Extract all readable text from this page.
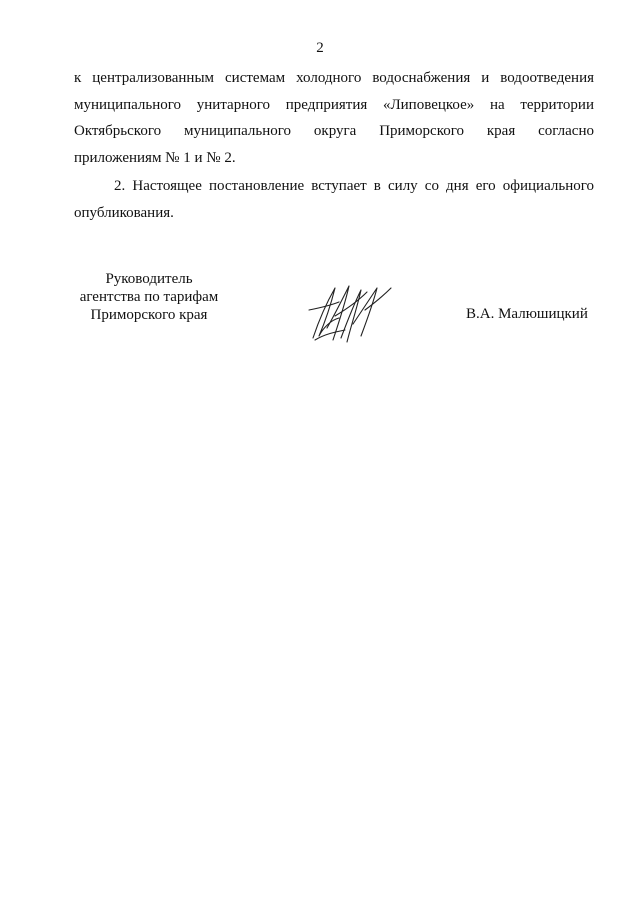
2
к централизованным системам холодного водоснабжения и водоотведения
муниципального унитарного предприятия «Липовецкое» на территории
Октябрьского муниципального округа Приморского края согласно
приложениям № 1 и № 2.
2. Настоящее постановление вступает в силу со дня его официального
опубликования.
Руководитель
агентства по тарифам
Приморского края	В.А. Малюшицкий
